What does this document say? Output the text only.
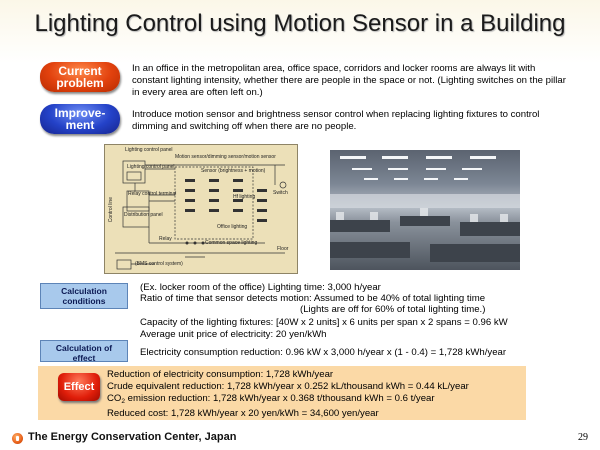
Lighting Control using Motion Sensor in a Building
Current
problem
In an office in the metropolitan area, office space, corridors and locker rooms are always lit with constant lighting intensity, whether there are people in the space or not. (Lighting switches on the pillar in every area are often left on.)
Improve-
ment
Introduce motion sensor and brightness sensor control when replacing lighting fixtures to control dimming and switching off when there are no people.
Lighting control panel
Lighting control panel
Relay control terminal
Distribution panel
Control line
Motion sensor/dimming sensor/motion sensor
Sensor (brightness + motion)
Switch
Hf lighting
Office lighting
Relay
Common space lighting
Floor
(BMS control system)
Calculation
conditions
(Ex. locker room of the office) Lighting time: 3,000 h/year
Ratio of time that sensor detects motion: Assumed to be 40% of total lighting time
(Lights are off for 60% of total lighting time.)
Capacity of the lighting fixtures: [40W x 2 units] x 6 units per span x 2 spans = 0.96 kW
Average unit price of electricity: 20 yen/kWh
Calculation of
effect	Electricity consumption reduction: 0.96 kW x 3,000 h/year x (1 - 0.4) = 1,728 kWh/year
Effect
Reduction of electricity consumption: 1,728 kWh/year
Crude equivalent reduction: 1,728 kWh/year x 0.252 kL/thousand kWh = 0.44 kL/year
$CO_2$ emission reduction: 1,728 kWh/year x 0.368 t/thousand kWh = 0.6 t/year
Reduced cost: 1,728 kWh/year x 20 yen/kWh = 34,600 yen/year
The Energy Conservation Center, Japan	29
